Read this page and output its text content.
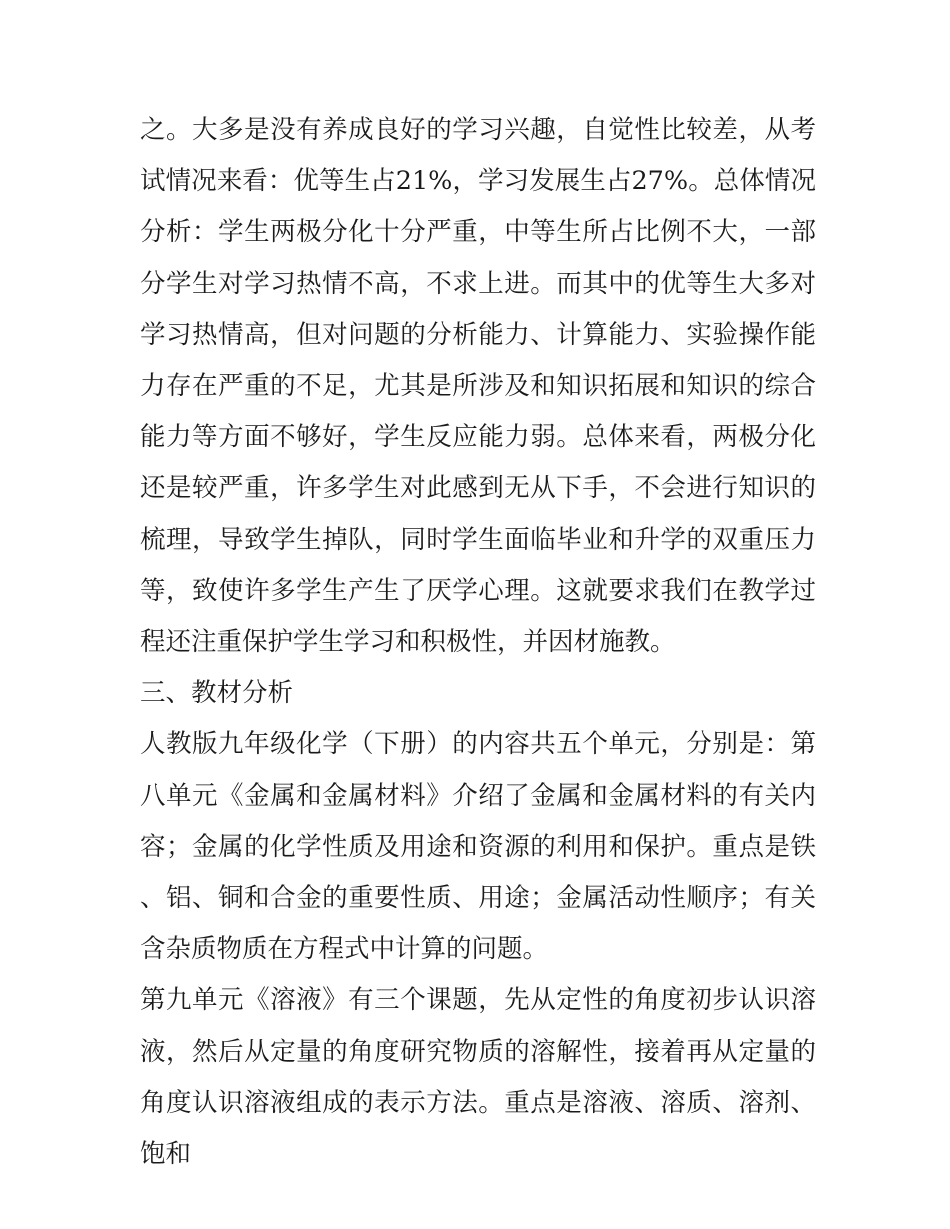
之。大多是没有养成良好的学习兴趣，自觉性比较差，从考试情况来看：优等生占21%，学习发展生占27%。总体情况分析：学生两极分化十分严重，中等生所占比例不大，一部分学生对学习热情不高，不求上进。而其中的优等生大多对学习热情高，但对问题的分析能力、计算能力、实验操作能力存在严重的不足，尤其是所涉及和知识拓展和知识的综合能力等方面不够好，学生反应能力弱。总体来看，两极分化还是较严重，许多学生对此感到无从下手，不会进行知识的梳理，导致学生掉队，同时学生面临毕业和升学的双重压力等，致使许多学生产生了厌学心理。这就要求我们在教学过程还注重保护学生学习和积极性，并因材施教。

三、教材分析

人教版九年级化学（下册）的内容共五个单元，分别是：第八单元《金属和金属材料》介绍了金属和金属材料的有关内容；金属的化学性质及用途和资源的利用和保护。重点是铁、铝、铜和合金的重要性质、用途；金属活动性顺序；有关含杂质物质在方程式中计算的问题。

第九单元《溶液》有三个课题，先从定性的角度初步认识溶液，然后从定量的角度研究物质的溶解性，接着再从定量的角度认识溶液组成的表示方法。重点是溶液、溶质、溶剂、饱和
